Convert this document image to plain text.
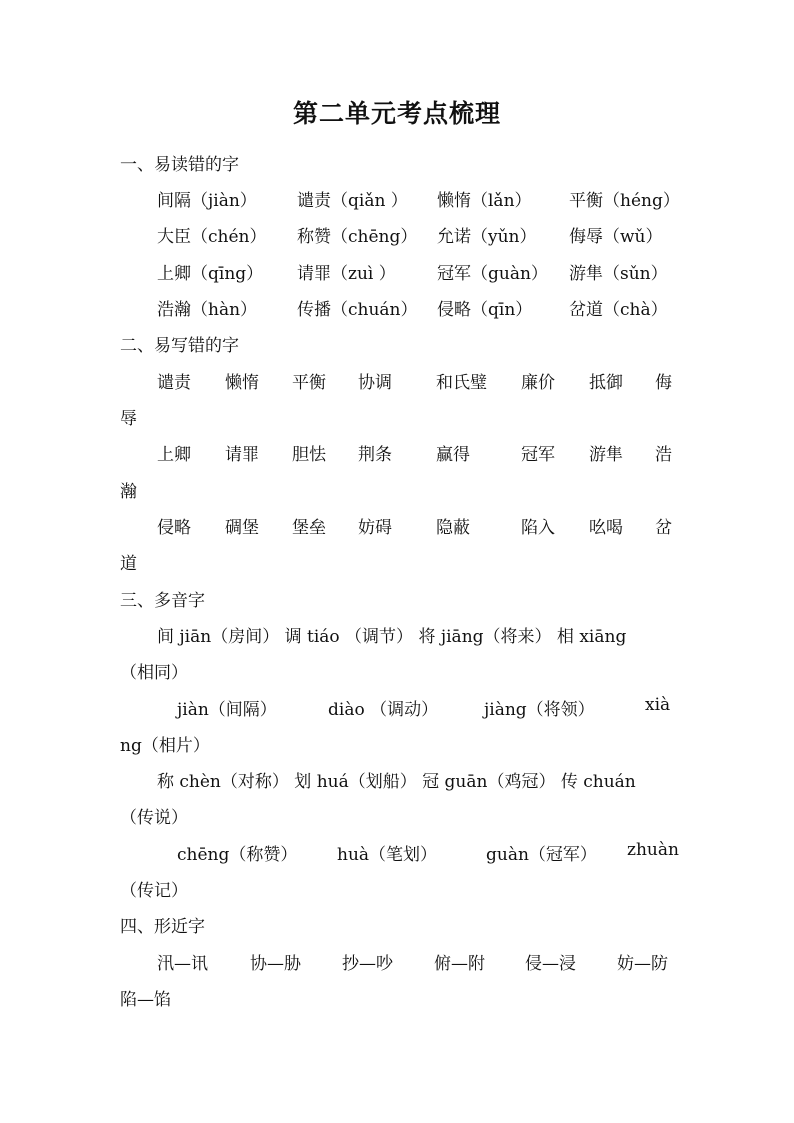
第二单元考点梳理
一、易读错的字
间隔（jiàn） 谴责（qiǎn ） 懒惰（lǎn） 平衡（héng）
大臣（chén） 称赞（chēng） 允诺（yǔn） 侮辱（wǔ）
上卿（qīng） 请罪（zuì ） 冠军（guàn） 游隼（sǔn）
浩瀚（hàn） 传播（chuán） 侵略（qīn） 岔道（chà）
二、易写错的字
谴责 懒惰 平衡 协调	和氏璧 廉价 抵御 侮
辱
上卿 请罪 胆怯 荆条	赢得	冠军 游隼 浩
瀚
侵略 碉堡 堡垒 妨碍	隐蔽	陷入 吆喝 岔
道
三、多音字
间 jiān（房间） 调 tiáo （调节） 将 jiāng（将来） 相 xiāng
（相同）
jiàn（间隔）	diào （调动）	jiàng（将领）	xià
ng（相片）
称 chèn（对称） 划 huá（划船） 冠 guān（鸡冠） 传 chuán
（传说）
chēng（称赞） huà（笔划）	guàn（冠军） zhuàn
（传记）
四、形近字
汛—讯 协—胁 抄—吵 俯—附 侵—浸 妨—防
陷—馅
